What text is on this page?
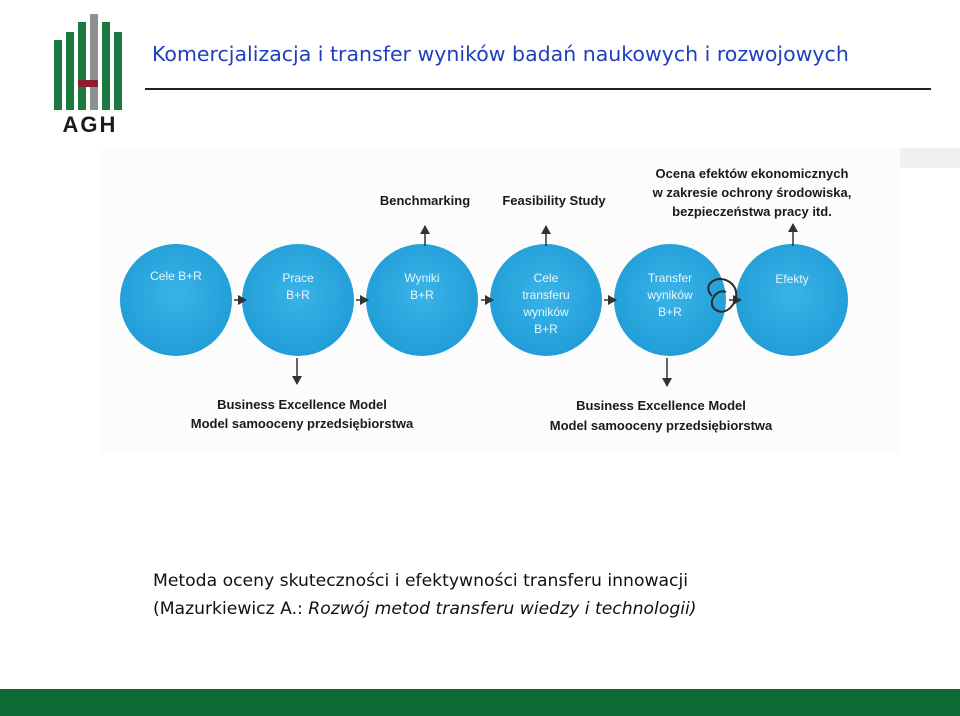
AGH
Komercjalizacja i transfer wyników badań naukowych i rozwojowych
Cele B+R	Prace
B+R
Wyniki
B+R
Cele
transferu
wyników
B+R
Transfer
wyników
B+R
Efekty
Benchmarking Feasibility Study
Ocena efektów ekonomicznych
w zakresie ochrony środowiska,
bezpieczeństwa pracy itd.
Business Excellence Model
Model samooceny przedsiębiorstwa
Business Excellence Model
Model samooceny przedsiębiorstwa
Metoda oceny skuteczności i efektywności transferu innowacji
(Mazurkiewicz A.: Rozwój metod transferu wiedzy i technologii)
